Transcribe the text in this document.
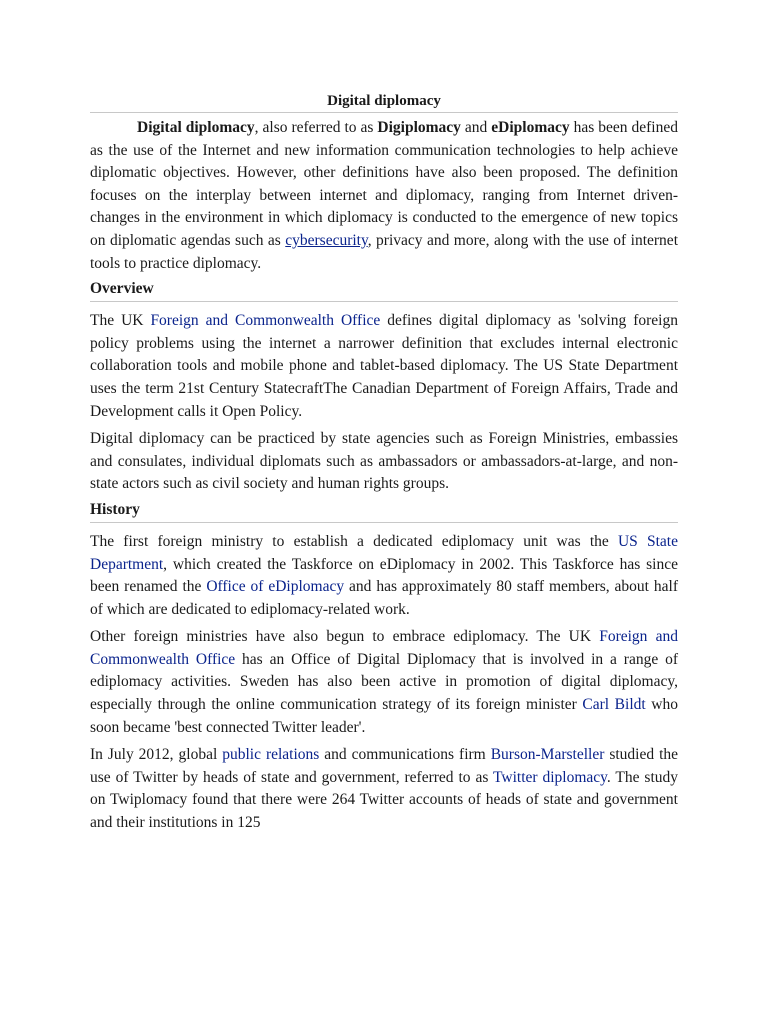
Digital diplomacy

Digital diplomacy, also referred to as Digiplomacy and eDiplomacy has been defined as the use of the Internet and new information communication technologies to help achieve diplomatic objectives. However, other definitions have also been proposed. The definition focuses on the interplay between internet and diplomacy, ranging from Internet driven-changes in the environment in which diplomacy is conducted to the emergence of new topics on diplomatic agendas such as cybersecurity, privacy and more, along with the use of internet tools to practice diplomacy.

Overview

The UK Foreign and Commonwealth Office defines digital diplomacy as 'solving foreign policy problems using the internet a narrower definition that excludes internal electronic collaboration tools and mobile phone and tablet-based diplomacy. The US State Department uses the term 21st Century StatecraftThe Canadian Department of Foreign Affairs, Trade and Development calls it Open Policy.

Digital diplomacy can be practiced by state agencies such as Foreign Ministries, embassies and consulates, individual diplomats such as ambassadors or ambassadors-at-large, and non-state actors such as civil society and human rights groups.

History

The first foreign ministry to establish a dedicated ediplomacy unit was the US State Department, which created the Taskforce on eDiplomacy in 2002. This Taskforce has since been renamed the Office of eDiplomacy and has approximately 80 staff members, about half of which are dedicated to ediplomacy-related work.

Other foreign ministries have also begun to embrace ediplomacy. The UK Foreign and Commonwealth Office has an Office of Digital Diplomacy that is involved in a range of ediplomacy activities. Sweden has also been active in promotion of digital diplomacy, especially through the online communication strategy of its foreign minister Carl Bildt who soon became 'best connected Twitter leader'.

In July 2012, global public relations and communications firm Burson-Marsteller studied the use of Twitter by heads of state and government, referred to as Twitter diplomacy. The study on Twiplomacy found that there were 264 Twitter accounts of heads of state and government and their institutions in 125
